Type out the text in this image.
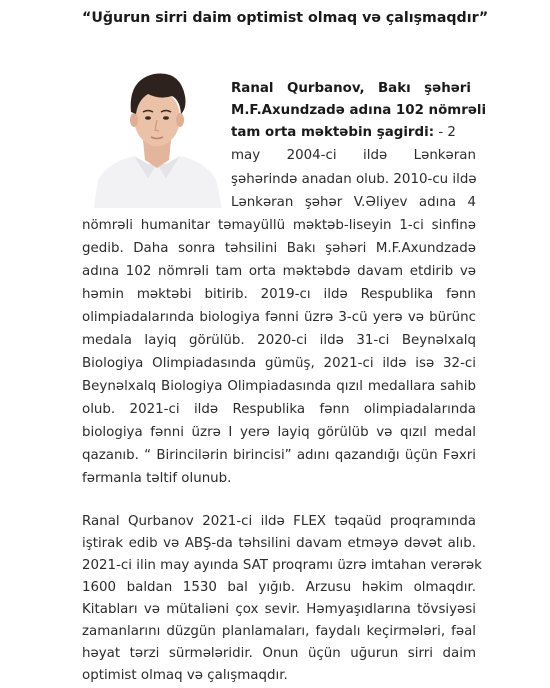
“Uğurun sirri daim optimist olmaq və çalışmaqdır”
Ranal Qurbanov, Bakı şəhəri
M.F.Axundzadə adına 102 nömrəli
tam orta məktəbin şagirdi: - 2
may 2004-ci ildə Lənkəran
şəhərində anadan olub. 2010-cu ildə
Lənkəran şəhər V.Əliyev adına 4
nömrəli humanitar təmayüllü məktəb-liseyin 1-ci sinfinə
gedib. Daha sonra təhsilini Bakı şəhəri M.F.Axundzadə
adına 102 nömrəli tam orta məktəbdə davam etdirib və
həmin məktəbi bitirib. 2019-cı ildə Respublika fənn
olimpiadalarında biologiya fənni üzrə 3-cü yerə və bürünc
medala layiq görülüb. 2020-ci ildə 31-ci Beynəlxalq
Biologiya Olimpiadasında gümüş, 2021-ci ildə isə 32-ci
Beynəlxalq Biologiya Olimpiadasında qızıl medallara sahib
olub. 2021-ci ildə Respublika fənn olimpiadalarında
biologiya fənni üzrə I yerə layiq görülüb və qızıl medal
qazanıb. “ Birincilərin birincisi” adını qazandığı üçün Fəxri
fərmanla təltif olunub.
Ranal Qurbanov 2021-ci ildə FLEX təqaüd proqramında
iştirak edib və ABŞ-da təhsilini davam etməyə dəvət alıb.
2021-ci ilin may ayında SAT proqramı üzrə imtahan verərək
1600 baldan 1530 bal yığıb. Arzusu həkim olmaqdır.
Kitabları və mütaliəni çox sevir. Həmyaşıdlarına tövsiyəsi
zamanlarını düzgün planlamaları, faydalı keçirmələri, fəal
həyat tərzi sürmələridir. Onun üçün uğurun sirri daim
optimist olmaq və çalışmaqdır.
